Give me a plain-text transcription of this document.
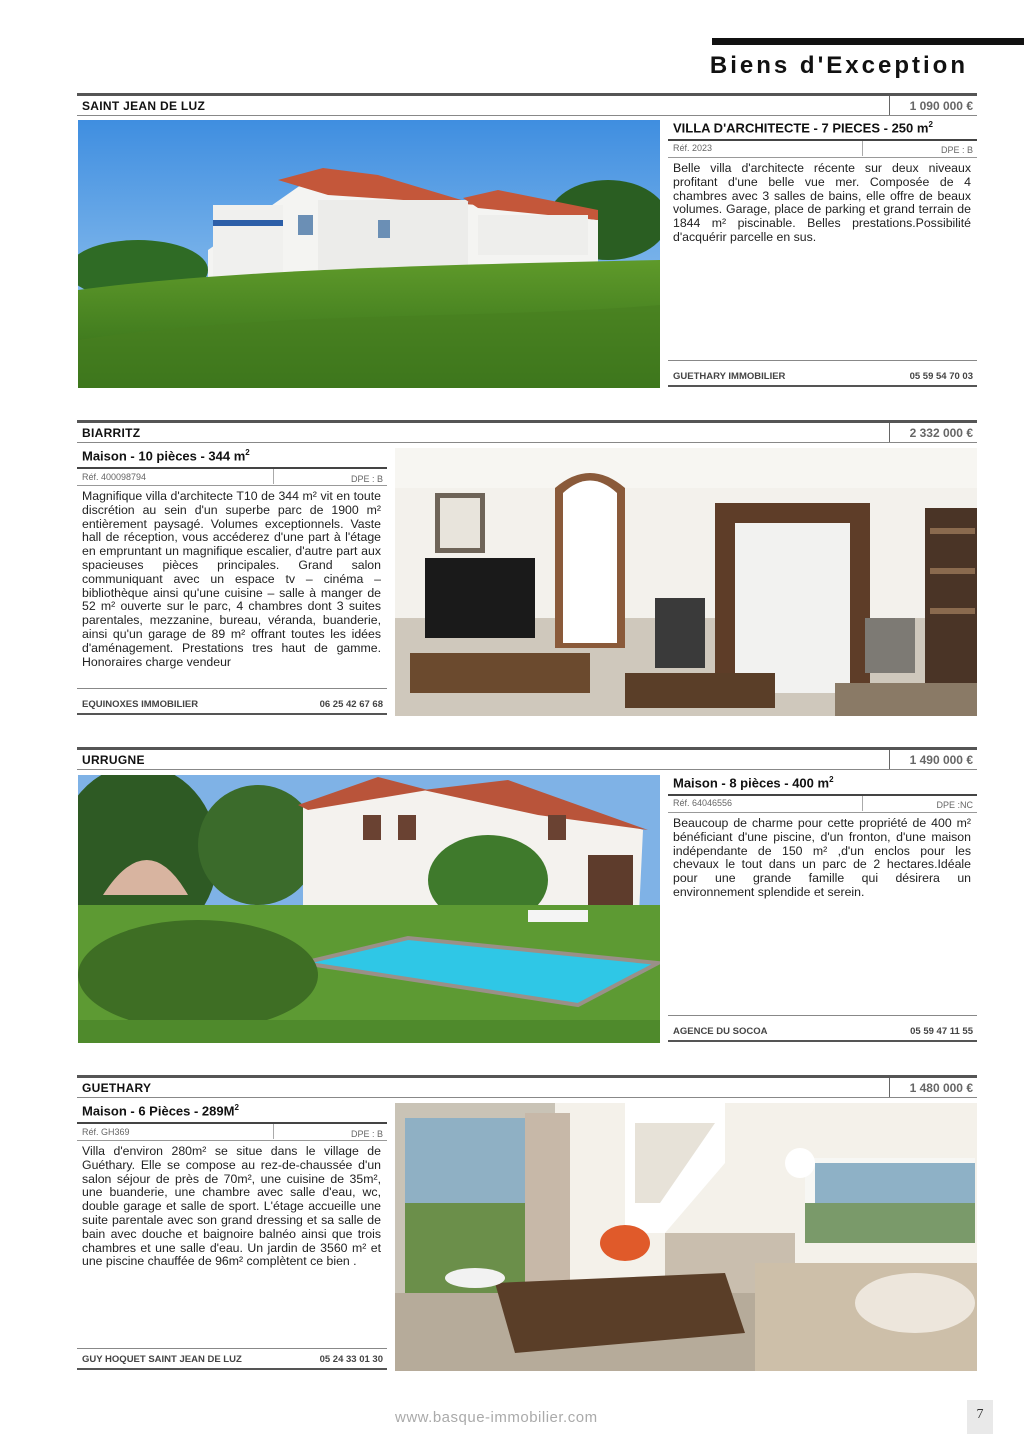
Biens d'Exception
SAINT JEAN DE LUZ	1 090 000 €
VILLA D'ARCHITECTE - 7 PIECES - 250 $m^2$
Réf. 2023	DPE : B
Belle villa d'architecte récente sur deux niveaux profitant d'une belle vue mer. Composée de 4 chambres avec 3 salles de bains, elle offre de beaux volumes. Garage, place de parking et grand terrain de 1844 m² piscinable. Belles prestations.Possibilité d'acquérir parcelle en sus.
GUETHARY IMMOBILIER	05 59 54 70 03
BIARRITZ	2 332 000 €
Maison - 10 pièces - 344 $m^2$
Réf. 400098794	DPE : B
Magnifique villa d'architecte T10 de 344 m² vit en toute discrétion au sein d'un superbe parc de 1900 m² entièrement paysagé. Volumes exceptionnels. Vaste hall de réception, vous accéderez d'une part à l'étage en empruntant un magnifique escalier, d'autre part aux spacieuses pièces principales. Grand salon communiquant avec un espace tv – cinéma – bibliothèque ainsi qu'une cuisine – salle à manger de 52 m² ouverte sur le parc, 4 chambres dont 3 suites parentales, mezzanine, bureau, véranda, buanderie, ainsi qu'un garage de 89 m² offrant toutes les idées d'aménagement. Prestations tres haut de gamme. Honoraires charge vendeur
EQUINOXES IMMOBILIER	06 25 42 67 68
URRUGNE	1 490 000 €
Maison - 8 pièces - 400 $m^2$
Réf. 64046556	DPE :NC
Beaucoup de charme pour cette propriété de 400 m² bénéficiant d'une piscine, d'un fronton, d'une maison indépendante de 150 m² ,d'un enclos pour les chevaux le tout dans un parc de 2 hectares.Idéale pour une grande famille qui désirera un environnement splendide et serein.
AGENCE DU SOCOA	05 59 47 11 55
GUETHARY	1 480 000 €
Maison - 6 Pièces - $289M^2$
Réf. GH369	DPE : B
Villa d'environ 280m² se situe dans le village de Guéthary. Elle se compose au rez-de-chaussée d'un salon séjour de près de 70m², une cuisine de 35m², une buanderie, une chambre avec salle d'eau, wc, double garage et salle de sport. L'étage accueille une suite parentale avec son grand dressing et sa salle de bain avec douche et baignoire balnéo ainsi que trois chambres et une salle d'eau. Un jardin de 3560 m² et une piscine chauffée de 96m² complètent ce bien .
GUY HOQUET SAINT JEAN DE LUZ	05 24 33 01 30
www.basque-immobilier.com	7
